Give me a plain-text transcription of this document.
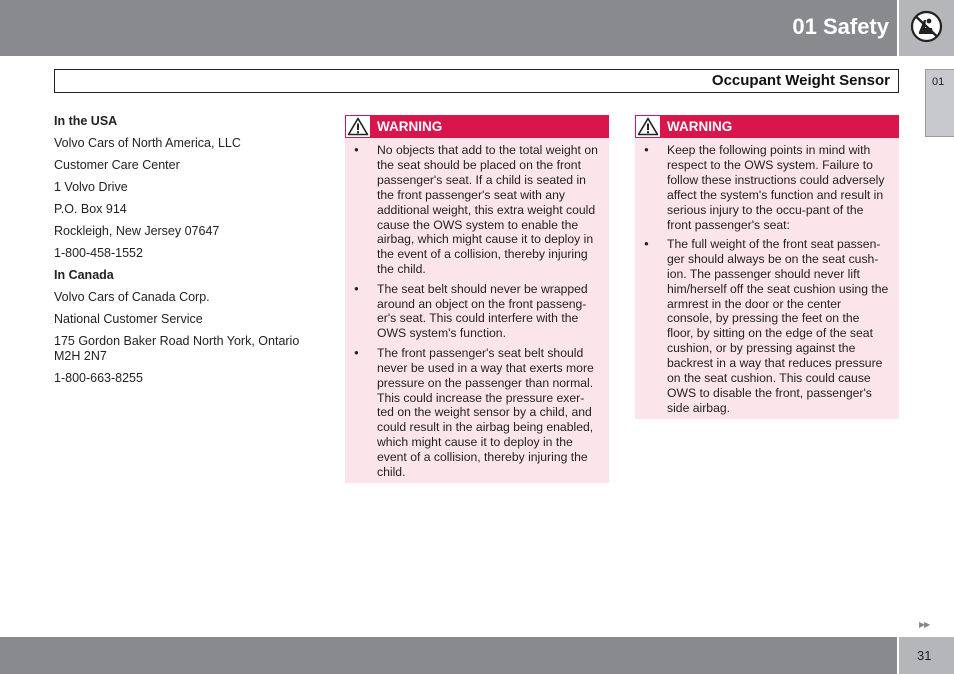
01 Safety
Occupant Weight Sensor	01

In the USA

Volvo Cars of North America, LLC

Customer Care Center

1 Volvo Drive

P.O. Box 914

Rockleigh, New Jersey 07647

1-800-458-1552

In Canada

Volvo Cars of Canada Corp.

National Customer Service

175 Gordon Baker Road North York, Ontario M2H 2N7

1-800-663-8255

WARNING
● No objects that add to the total weight on the seat should be placed on the front passenger's seat. If a child is seated in the front passenger's seat with any additional weight, this extra weight could cause the OWS system to enable the airbag, which might cause it to deploy in the event of a collision, thereby injuring the child.
● The seat belt should never be wrapped around an object on the front passeng-er's seat. This could interfere with the OWS system's function.
● The front passenger's seat belt should never be used in a way that exerts more pressure on the passenger than normal. This could increase the pressure exer-ted on the weight sensor by a child, and could result in the airbag being enabled, which might cause it to deploy in the event of a collision, thereby injuring the child.
WARNING
● Keep the following points in mind with respect to the OWS system. Failure to follow these instructions could adversely affect the system's function and result in serious injury to the occu-pant of the front passenger's seat:
● The full weight of the front seat passen-ger should always be on the seat cush-ion. The passenger should never lift him/herself off the seat cushion using the armrest in the door or the center console, by pressing the feet on the floor, by sitting on the edge of the seat cushion, or by pressing against the backrest in a way that reduces pressure on the seat cushion. This could cause OWS to disable the front, passenger's side airbag.
▶▶
31
